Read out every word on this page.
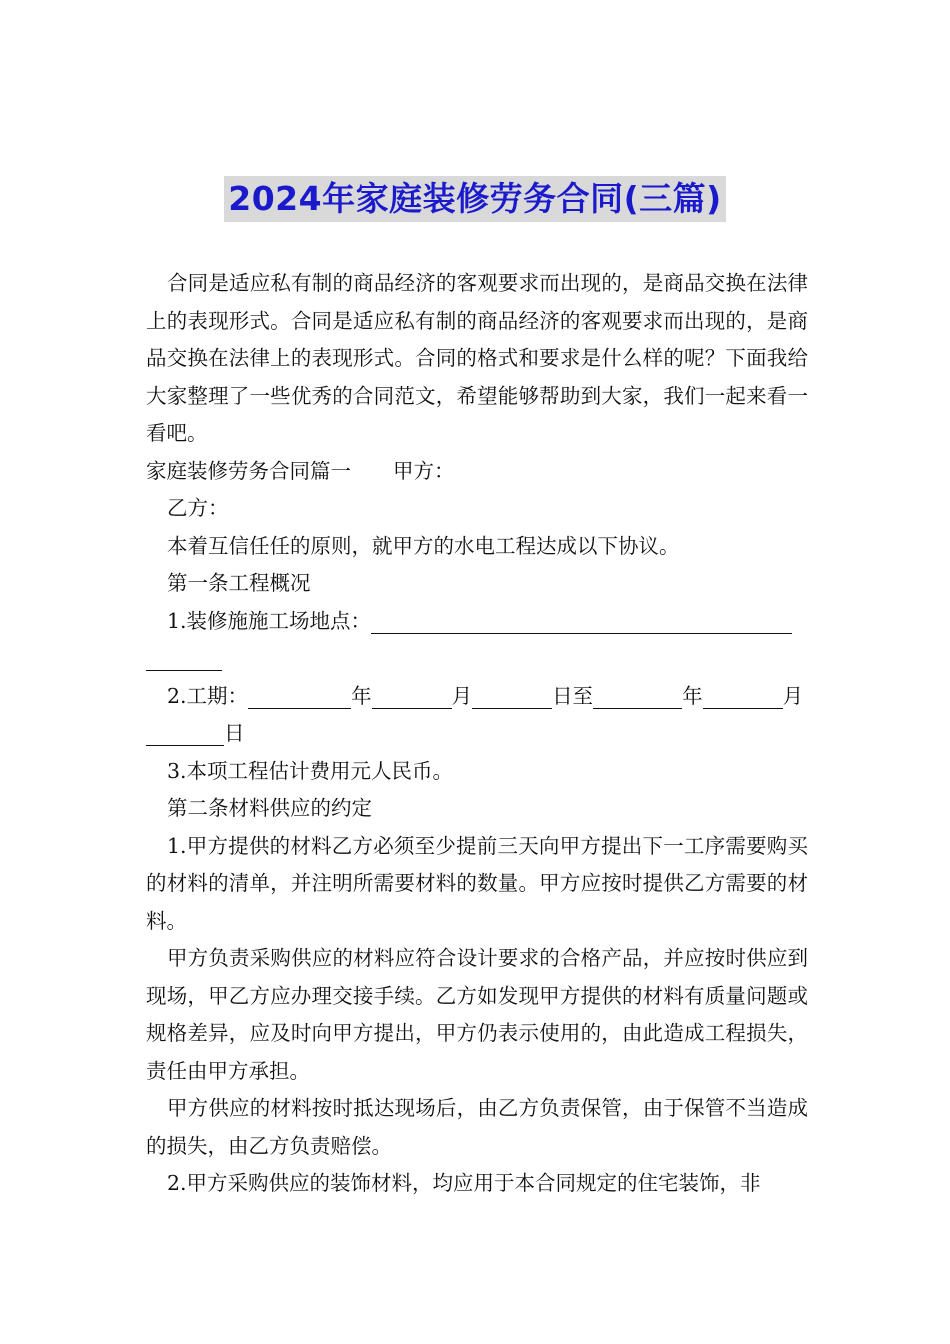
2024年家庭装修劳务合同(三篇)

合同是适应私有制的商品经济的客观要求而出现的，是商品交换在法律上的表现形式。合同是适应私有制的商品经济的客观要求而出现的，是商品交换在法律上的表现形式。合同的格式和要求是什么样的呢？下面我给大家整理了一些优秀的合同范文，希望能够帮助到大家，我们一起来看一看吧。

家庭装修劳务合同篇一 甲方：

乙方：

本着互信任任的原则，就甲方的水电工程达成以下协议。

第一条工程概况

1.装修施施工场地点：
2.工期：	年	月	日至	年	月
日

3.本项工程估计费用元人民币。

第二条材料供应的约定

1.甲方提供的材料乙方必须至少提前三天向甲方提出下一工序需要购买的材料的清单，并注明所需要材料的数量。甲方应按时提供乙方需要的材料。

甲方负责采购供应的材料应符合设计要求的合格产品，并应按时供应到现场，甲乙方应办理交接手续。乙方如发现甲方提供的材料有质量问题或规格差异，应及时向甲方提出，甲方仍表示使用的，由此造成工程损失，责任由甲方承担。

甲方供应的材料按时抵达现场后，由乙方负责保管，由于保管不当造成的损失，由乙方负责赔偿。

2.甲方采购供应的装饰材料，均应用于本合同规定的住宅装饰，非
